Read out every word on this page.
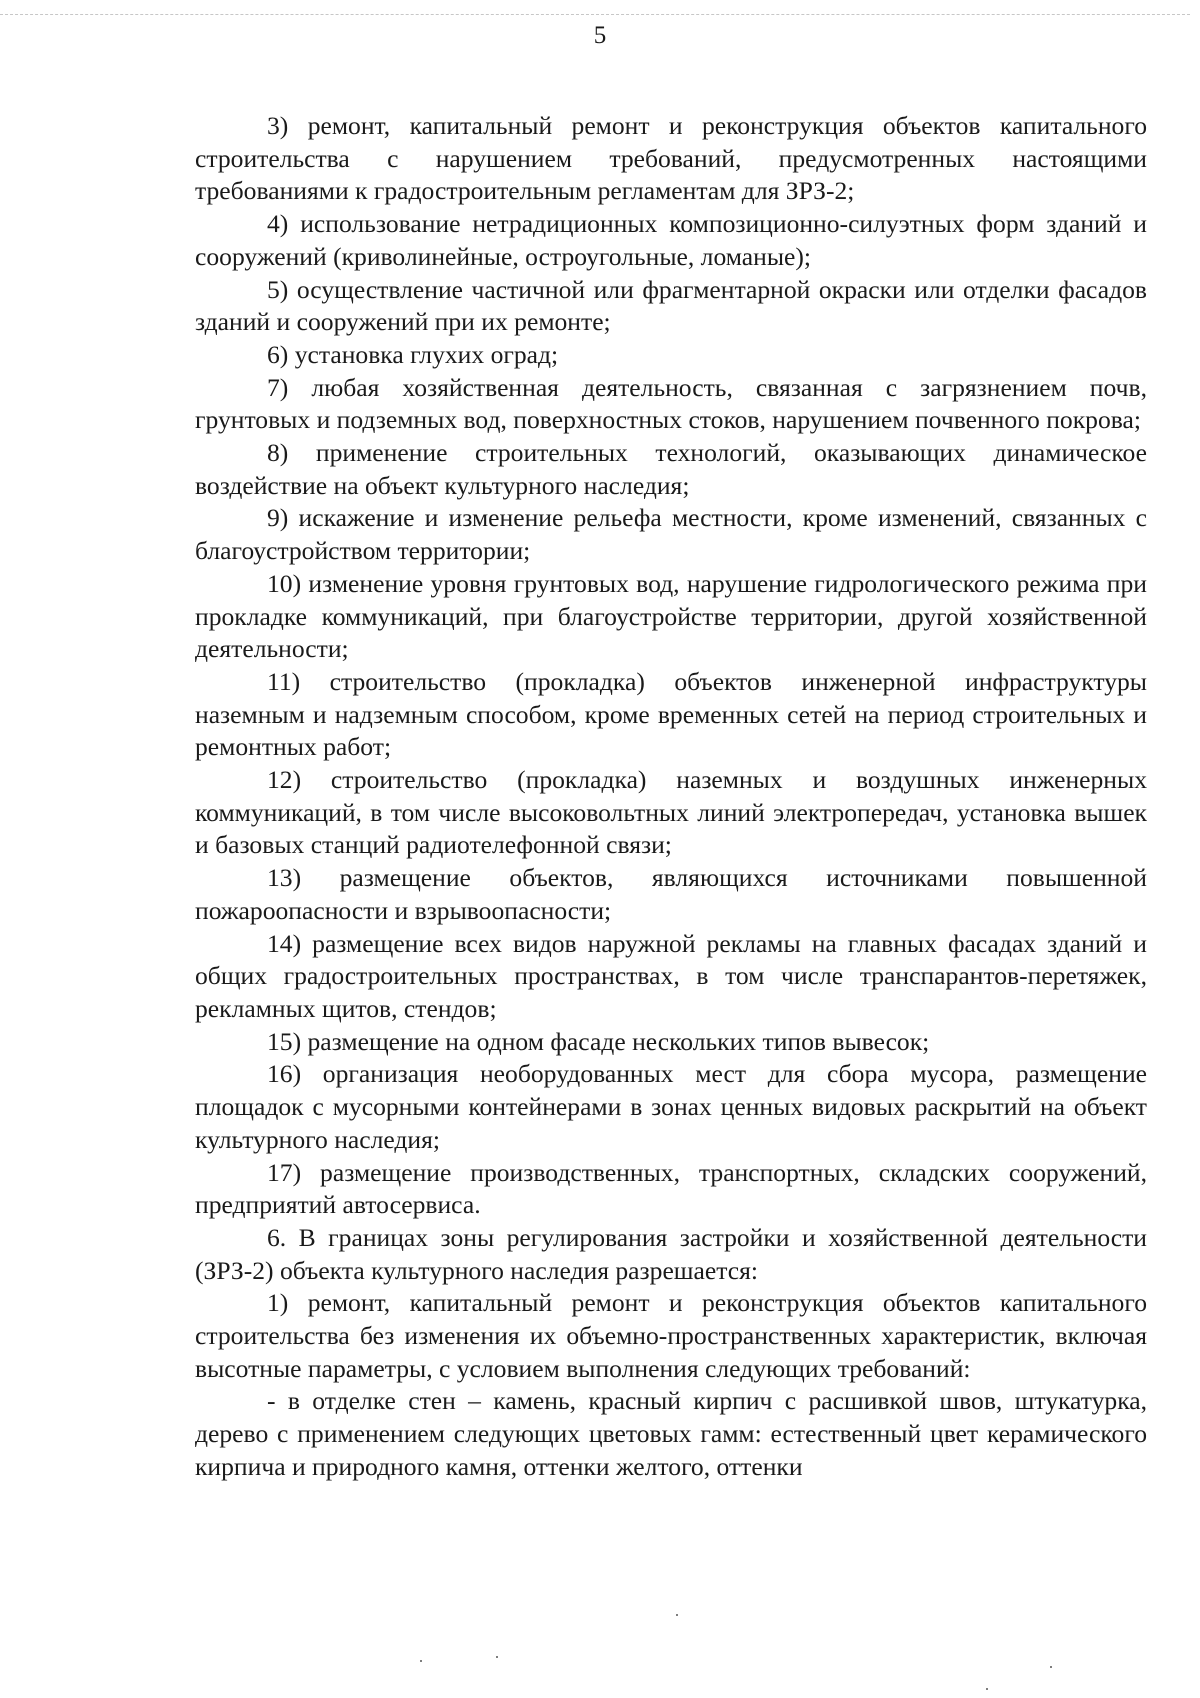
5

3) ремонт, капитальный ремонт и реконструкция объектов капитального строительства с нарушением требований, предусмотренных настоящими требованиями к градостроительным регламентам для ЗРЗ-2;

4) использование нетрадиционных композиционно-силуэтных форм зданий и сооружений (криволинейные, остроугольные, ломаные);

5) осуществление частичной или фрагментарной окраски или отделки фасадов зданий и сооружений при их ремонте;

6) установка глухих оград;

7) любая хозяйственная деятельность, связанная с загрязнением почв, грунтовых и подземных вод, поверхностных стоков, нарушением почвенного покрова;

8) применение строительных технологий, оказывающих динамическое воздействие на объект культурного наследия;

9) искажение и изменение рельефа местности, кроме изменений, связанных с благоустройством территории;

10) изменение уровня грунтовых вод, нарушение гидрологического режима при прокладке коммуникаций, при благоустройстве территории, другой хозяйственной деятельности;

11) строительство (прокладка) объектов инженерной инфраструктуры наземным и надземным способом, кроме временных сетей на период строительных и ремонтных работ;

12) строительство (прокладка) наземных и воздушных инженерных коммуникаций, в том числе высоковольтных линий электропередач, установка вышек и базовых станций радиотелефонной связи;

13) размещение объектов, являющихся источниками повышенной пожароопасности и взрывоопасности;

14) размещение всех видов наружной рекламы на главных фасадах зданий и общих градостроительных пространствах, в том числе транспарантов-перетяжек, рекламных щитов, стендов;

15) размещение на одном фасаде нескольких типов вывесок;

16) организация необорудованных мест для сбора мусора, размещение площадок с мусорными контейнерами в зонах ценных видовых раскрытий на объект культурного наследия;

17) размещение производственных, транспортных, складских сооружений, предприятий автосервиса.

6. В границах зоны регулирования застройки и хозяйственной деятельности (ЗРЗ-2) объекта культурного наследия разрешается:

1) ремонт, капитальный ремонт и реконструкция объектов капитального строительства без изменения их объемно-пространственных характеристик, включая высотные параметры, с условием выполнения следующих требований:

- в отделке стен – камень, красный кирпич с расшивкой швов, штукатурка, дерево с применением следующих цветовых гамм: естественный цвет керамического кирпича и природного камня, оттенки желтого, оттенки
